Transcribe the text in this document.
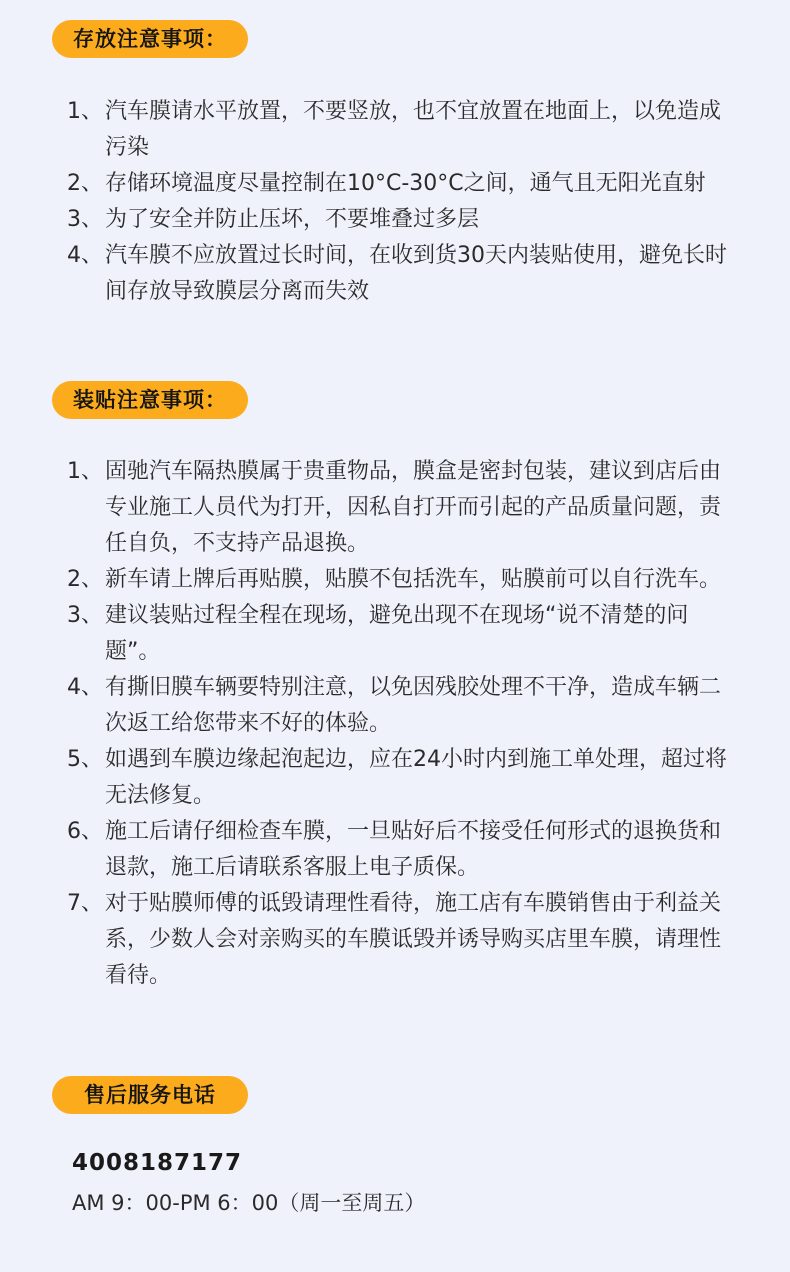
存放注意事项：
1、 汽车膜请水平放置，不要竖放，也不宜放置在地面上，以免造成污染
2、 存储环境温度尽量控制在10°C-30°C之间，通气且无阳光直射
3、 为了安全并防止压坏，不要堆叠过多层
4、 汽车膜不应放置过长时间，在收到货30天内装贴使用，避免长时间存放导致膜层分离而失效
装贴注意事项：
1、 固驰汽车隔热膜属于贵重物品，膜盒是密封包装，建议到店后由专业施工人员代为打开，因私自打开而引起的产品质量问题，责任自负，不支持产品退换。
2、 新车请上牌后再贴膜，贴膜不包括洗车，贴膜前可以自行洗车。
3、 建议装贴过程全程在现场，避免出现不在现场“说不清楚的问题”。
4、 有撕旧膜车辆要特别注意，以免因残胶处理不干净，造成车辆二次返工给您带来不好的体验。
5、 如遇到车膜边缘起泡起边，应在24小时内到施工单处理，超过将无法修复。
6、 施工后请仔细检查车膜，一旦贴好后不接受任何形式的退换货和退款，施工后请联系客服上电子质保。
7、 对于贴膜师傅的诋毁请理性看待，施工店有车膜销售由于利益关系，少数人会对亲购买的车膜诋毁并诱导购买店里车膜，请理性看待。
售后服务电话
4008187177
AM 9：00-PM 6：00（周一至周五）
